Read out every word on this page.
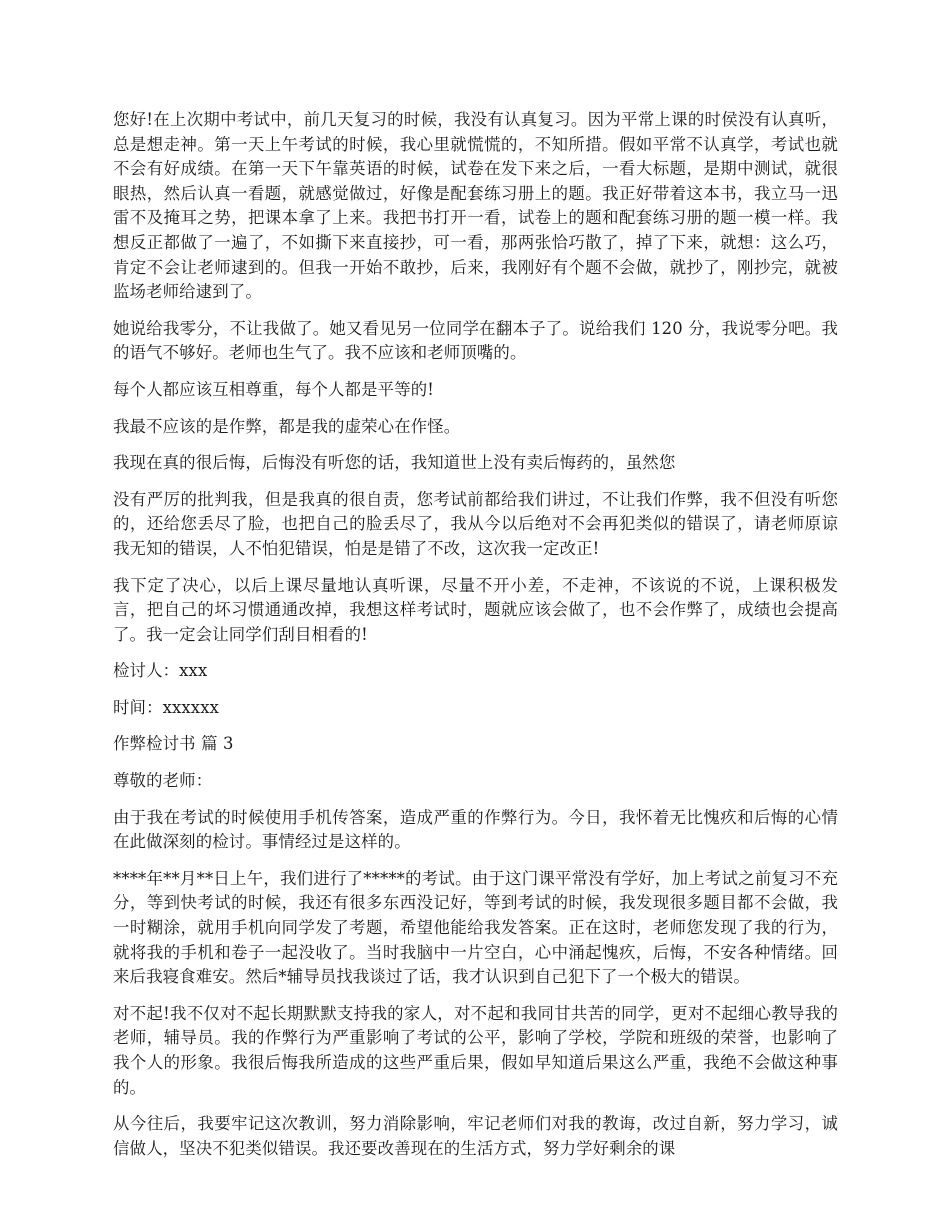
您好!在上次期中考试中，前几天复习的时候，我没有认真复习。因为平常上课的时侯没有认真听，总是想走神。第一天上午考试的时候，我心里就慌慌的，不知所措。假如平常不认真学，考试也就不会有好成绩。在第一天下午靠英语的时候，试卷在发下来之后，一看大标题，是期中测试，就很眼热，然后认真一看题，就感觉做过，好像是配套练习册上的题。我正好带着这本书，我立马一迅雷不及掩耳之势，把课本拿了上来。我把书打开一看，试卷上的题和配套练习册的题一模一样。我想反正都做了一遍了，不如撕下来直接抄，可一看，那两张恰巧散了，掉了下来，就想：这么巧，肯定不会让老师逮到的。但我一开始不敢抄，后来，我刚好有个题不会做，就抄了，刚抄完，就被监场老师给逮到了。

她说给我零分，不让我做了。她又看见另一位同学在翻本子了。说给我们 120 分，我说零分吧。我的语气不够好。老师也生气了。我不应该和老师顶嘴的。

每个人都应该互相尊重，每个人都是平等的!

我最不应该的是作弊，都是我的虚荣心在作怪。

我现在真的很后悔，后悔没有听您的话，我知道世上没有卖后悔药的，虽然您

没有严厉的批判我，但是我真的很自责，您考试前都给我们讲过，不让我们作弊，我不但没有听您的，还给您丢尽了脸，也把自己的脸丢尽了，我从今以后绝对不会再犯类似的错误了，请老师原谅我无知的错误，人不怕犯错误，怕是是错了不改，这次我一定改正!

我下定了决心，以后上课尽量地认真听课，尽量不开小差，不走神，不该说的不说，上课积极发言，把自己的坏习惯通通改掉，我想这样考试时，题就应该会做了，也不会作弊了，成绩也会提高了。我一定会让同学们刮目相看的!

检讨人：xxx

时间：xxxxxx

作弊检讨书 篇 3

尊敬的老师：

由于我在考试的时候使用手机传答案，造成严重的作弊行为。今日，我怀着无比愧疚和后悔的心情在此做深刻的检讨。事情经过是这样的。

****年**月**日上午，我们进行了*****的考试。由于这门课平常没有学好，加上考试之前复习不充分，等到快考试的时候，我还有很多东西没记好，等到考试的时候，我发现很多题目都不会做，我一时糊涂，就用手机向同学发了考题，希望他能给我发答案。正在这时，老师您发现了我的行为，就将我的手机和卷子一起没收了。当时我脑中一片空白，心中涌起愧疚，后悔，不安各种情绪。回来后我寝食难安。然后*辅导员找我谈过了话，我才认识到自己犯下了一个极大的错误。

对不起!我不仅对不起长期默默支持我的家人，对不起和我同甘共苦的同学，更对不起细心教导我的老师，辅导员。我的作弊行为严重影响了考试的公平，影响了学校，学院和班级的荣誉，也影响了我个人的形象。我很后悔我所造成的这些严重后果，假如早知道后果这么严重，我绝不会做这种事的。

从今往后，我要牢记这次教训，努力消除影响，牢记老师们对我的教诲，改过自新，努力学习，诚信做人，坚决不犯类似错误。我还要改善现在的生活方式，努力学好剩余的课
